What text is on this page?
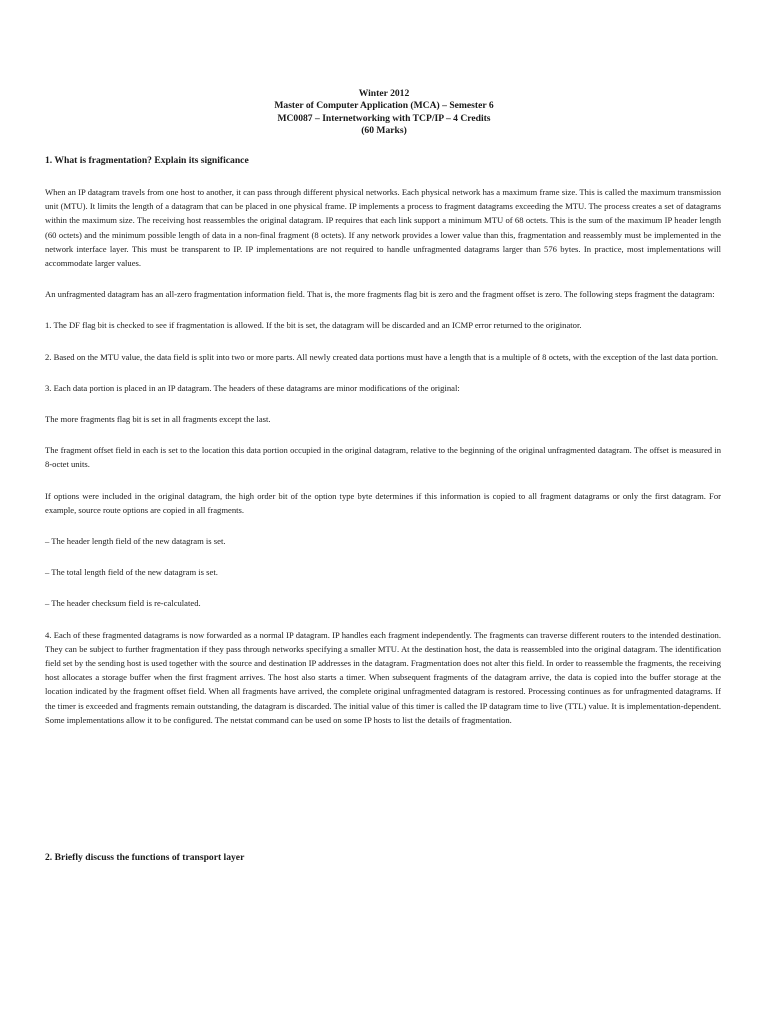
Winter 2012
Master of Computer Application (MCA) – Semester 6
MC0087 – Internetworking with TCP/IP – 4 Credits
(60 Marks)
1. What is fragmentation? Explain its significance

When an IP datagram travels from one host to another, it can pass through different physical networks. Each physical network has a maximum frame size. This is called the maximum transmission unit (MTU). It limits the length of a datagram that can be placed in one physical frame. IP implements a process to fragment datagrams exceeding the MTU. The process creates a set of datagrams within the maximum size. The receiving host reassembles the original datagram. IP requires that each link support a minimum MTU of 68 octets. This is the sum of the maximum IP header length (60 octets) and the minimum possible length of data in a non-final fragment (8 octets). If any network provides a lower value than this, fragmentation and reassembly must be implemented in the network interface layer. This must be transparent to IP. IP implementations are not required to handle unfragmented datagrams larger than 576 bytes. In practice, most implementations will accommodate larger values.

An unfragmented datagram has an all-zero fragmentation information field. That is, the more fragments flag bit is zero and the fragment offset is zero. The following steps fragment the datagram:

1. The DF flag bit is checked to see if fragmentation is allowed. If the bit is set, the datagram will be discarded and an ICMP error returned to the originator.

2. Based on the MTU value, the data field is split into two or more parts. All newly created data portions must have a length that is a multiple of 8 octets, with the exception of the last data portion.

3. Each data portion is placed in an IP datagram. The headers of these datagrams are minor modifications of the original:

The more fragments flag bit is set in all fragments except the last.

The fragment offset field in each is set to the location this data portion occupied in the original datagram, relative to the beginning of the original unfragmented datagram. The offset is measured in 8-octet units.

If options were included in the original datagram, the high order bit of the option type byte determines if this information is copied to all fragment datagrams or only the first datagram. For example, source route options are copied in all fragments.

– The header length field of the new datagram is set.

– The total length field of the new datagram is set.

– The header checksum field is re-calculated.

4. Each of these fragmented datagrams is now forwarded as a normal IP datagram. IP handles each fragment independently. The fragments can traverse different routers to the intended destination. They can be subject to further fragmentation if they pass through networks specifying a smaller MTU. At the destination host, the data is reassembled into the original datagram. The identification field set by the sending host is used together with the source and destination IP addresses in the datagram. Fragmentation does not alter this field. In order to reassemble the fragments, the receiving host allocates a storage buffer when the first fragment arrives. The host also starts a timer. When subsequent fragments of the datagram arrive, the data is copied into the buffer storage at the location indicated by the fragment offset field. When all fragments have arrived, the complete original unfragmented datagram is restored. Processing continues as for unfragmented datagrams. If the timer is exceeded and fragments remain outstanding, the datagram is discarded. The initial value of this timer is called the IP datagram time to live (TTL) value. It is implementation-dependent. Some implementations allow it to be configured. The netstat command can be used on some IP hosts to list the details of fragmentation.

2. Briefly discuss the functions of transport layer
